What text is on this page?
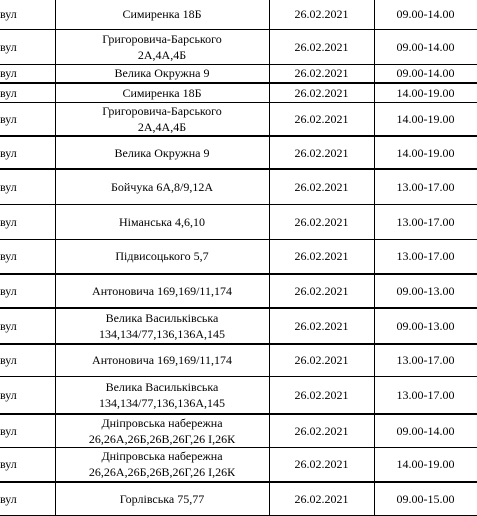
вул	Симиренка 18Б	26.02.2021	09.00-14.00
вул	Григоровича-Барського
2А,4А,4Б	26.02.2021	09.00-14.00
вул	Велика Окружна 9	26.02.2021	09.00-14.00
вул	Симиренка 18Б	26.02.2021	14.00-19.00
вул	Григоровича-Барського
2А,4А,4Б	26.02.2021	14.00-19.00
вул	Велика Окружна 9	26.02.2021	14.00-19.00
вул	Бойчука 6А,8/9,12А	26.02.2021	13.00-17.00
вул	Німанська 4,6,10	26.02.2021	13.00-17.00
вул	Підвисоцького 5,7	26.02.2021	13.00-17.00
вул	Антоновича 169,169/11,174	26.02.2021	09.00-13.00
вул	Велика Васильківська
134,134/77,136,136А,145	26.02.2021	09.00-13.00
вул	Антоновича 169,169/11,174	26.02.2021	13.00-17.00
вул	Велика Васильківська
134,134/77,136,136А,145	26.02.2021	13.00-17.00
вул	Дніпровська набережна
26,26А,26Б,26В,26Г,26 І,26К	26.02.2021	09.00-14.00
вул	Дніпровська набережна
26,26А,26Б,26В,26Г,26 І,26К	26.02.2021	14.00-19.00
вул	Горлівська 75,77	26.02.2021	09.00-15.00
